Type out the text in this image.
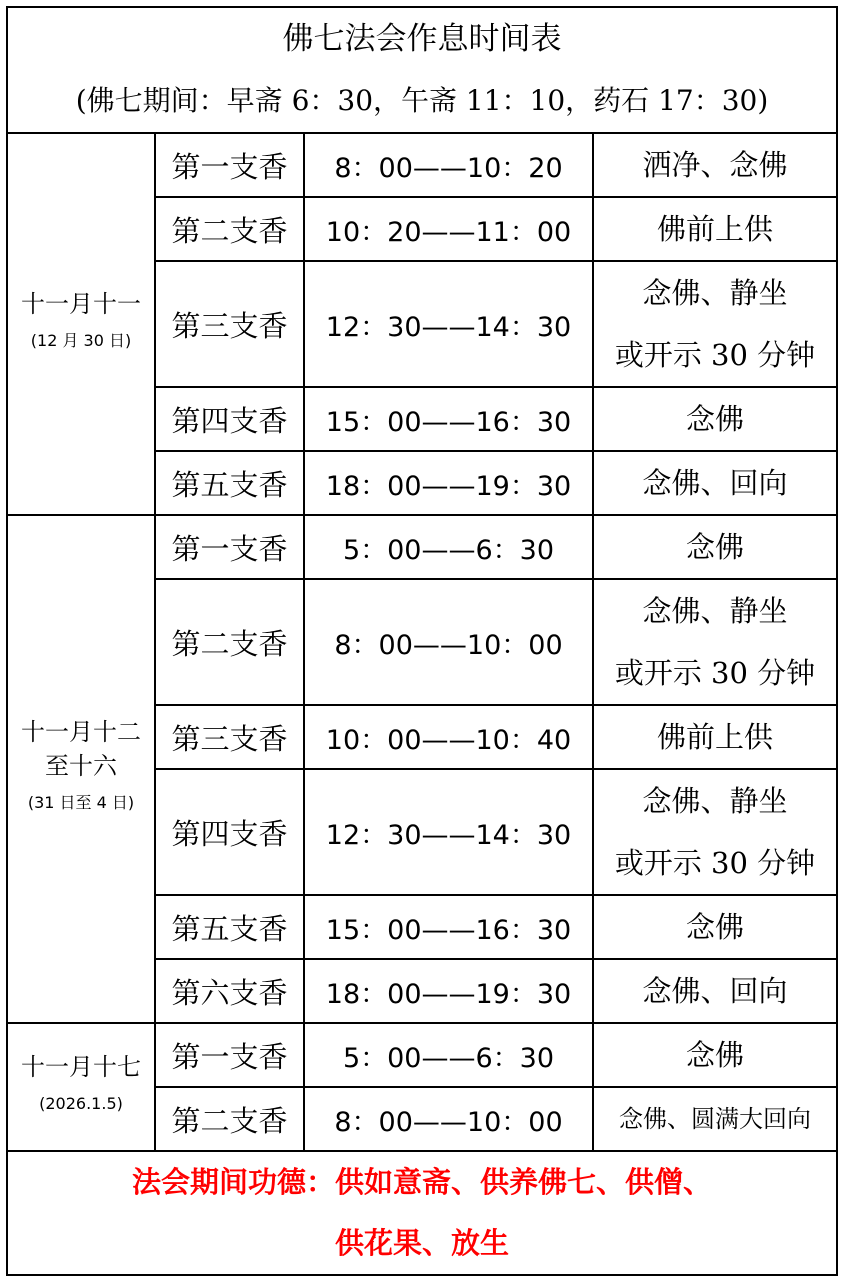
佛七法会作息时间表
(佛七期间：早斋 6：30，午斋 11：10，药石 17：30)			

十一月十一
(12 月 30 日)	第一支香	8：00——10：20	洒净、念佛
	第二支香	10：20——11：00	佛前上供
	第三支香	12：30——14：30	念佛、静坐
或开示 30 分钟

	第四支香	15：00——16：30	念佛
	第五支香	18：00——19：30	念佛、回向

十一月十二
至十六
(31 日至 4 日)	第一支香	5：00——6：30	念佛
	第二支香	8：00——10：00	念佛、静坐
或开示 30 分钟

	第三支香	10：00——10：40	佛前上供
	第四支香	12：30——14：30	念佛、静坐
或开示 30 分钟

	第五支香	15：00——16：30	念佛
	第六支香	18：00——19：30	念佛、回向

十一月十七
(2026.1.5)	第一支香	5：00——6：30	念佛
	第二支香	8：00——10：00	念佛、圆满大回向

法会期间功德：供如意斋、供养佛七、供僧、
供花果、放生			
